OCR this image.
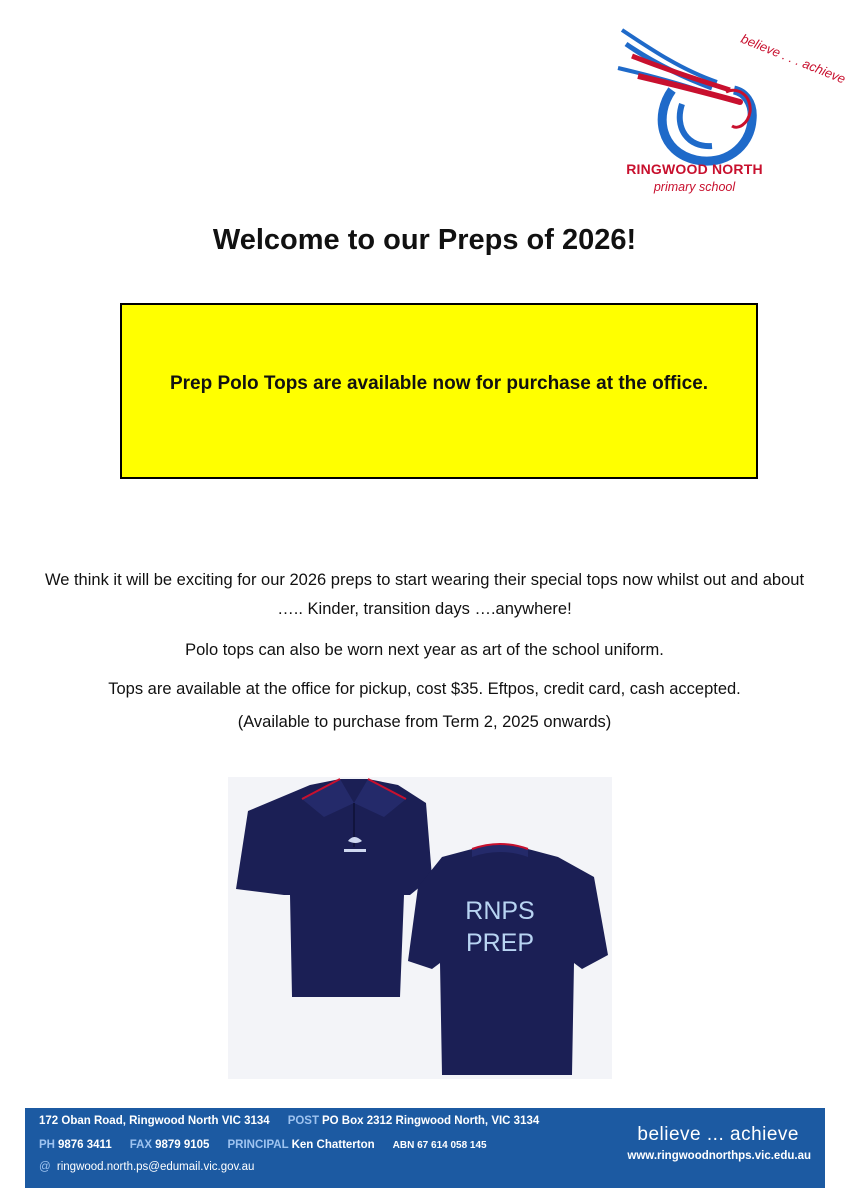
believe . . . achieve
RINGWOOD NORTH
primary school
Welcome to our Preps of 2026!
Prep Polo Tops are available now for purchase at the office.
We think it will be exciting for our 2026 preps to start wearing their special tops now whilst out and about ….. Kinder, transition days ….anywhere!
Polo tops can also be worn next year as art of the school uniform.
Tops are available at the office for pickup, cost $35. Eftpos, credit card, cash accepted.
(Available to purchase from Term 2, 2025 onwards)
RNPS
PREP
172 Oban Road, Ringwood North VIC 3134 POST PO Box 2312 Ringwood North, VIC 3134
PH 9876 3411 FAX 9879 9105 PRINCIPAL Ken Chatterton ABN 67 614 058 145
@ ringwood.north.ps@edumail.vic.gov.au
believe ... achieve
www.ringwoodnorthps.vic.edu.au
